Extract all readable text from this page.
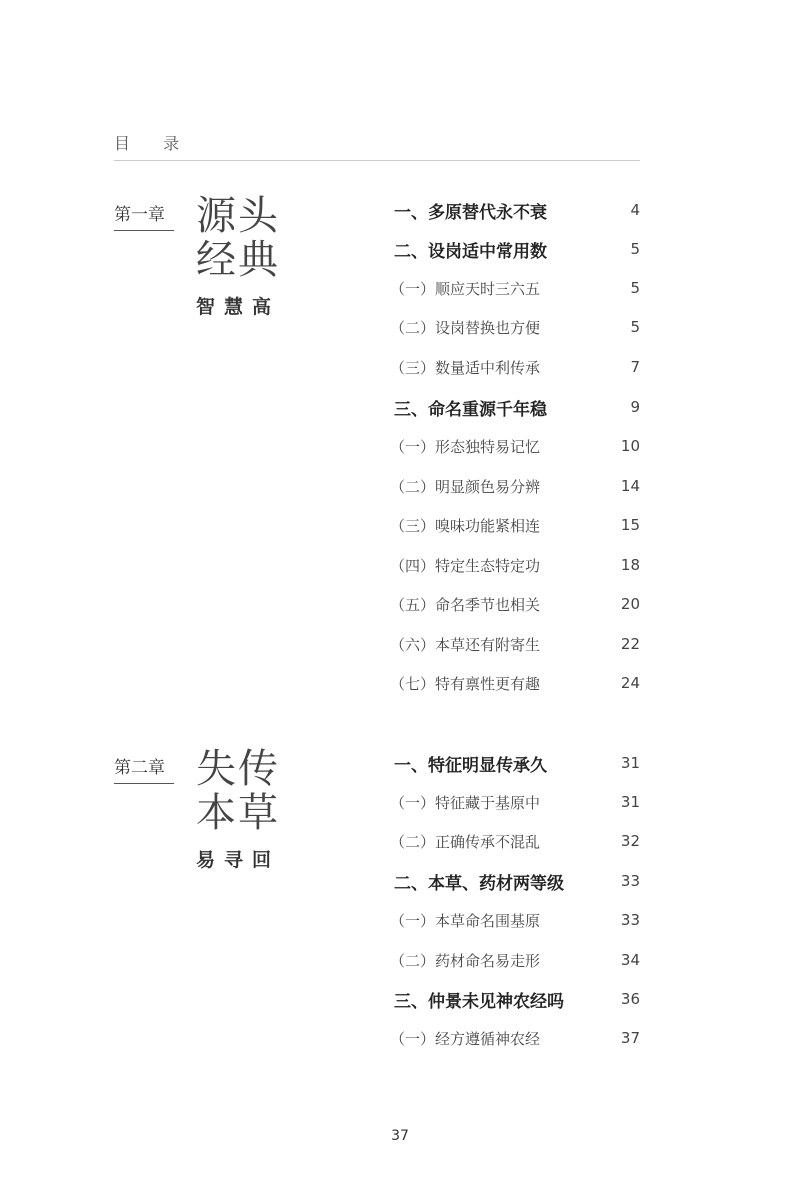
目 录
第一章 源头
经典
智慧高
一、多原替代永不衰	4
二、设岗适中常用数	5
（一）顺应天时三六五	5
（二）设岗替换也方便	5
（三）数量适中利传承	7
三、命名重源千年稳	9
（一）形态独特易记忆	10
（二）明显颜色易分辨	14
（三）嗅味功能紧相连	15
（四）特定生态特定功	18
（五）命名季节也相关	20
（六）本草还有附寄生	22
（七）特有禀性更有趣	24
第二章 失传
本草
易寻回
一、特征明显传承久	31
（一）特征藏于基原中	31
（二）正确传承不混乱	32
二、本草、药材两等级	33
（一）本草命名围基原	33
（二）药材命名易走形	34
三、仲景未见神农经吗	36
（一）经方遵循神农经	37
37
